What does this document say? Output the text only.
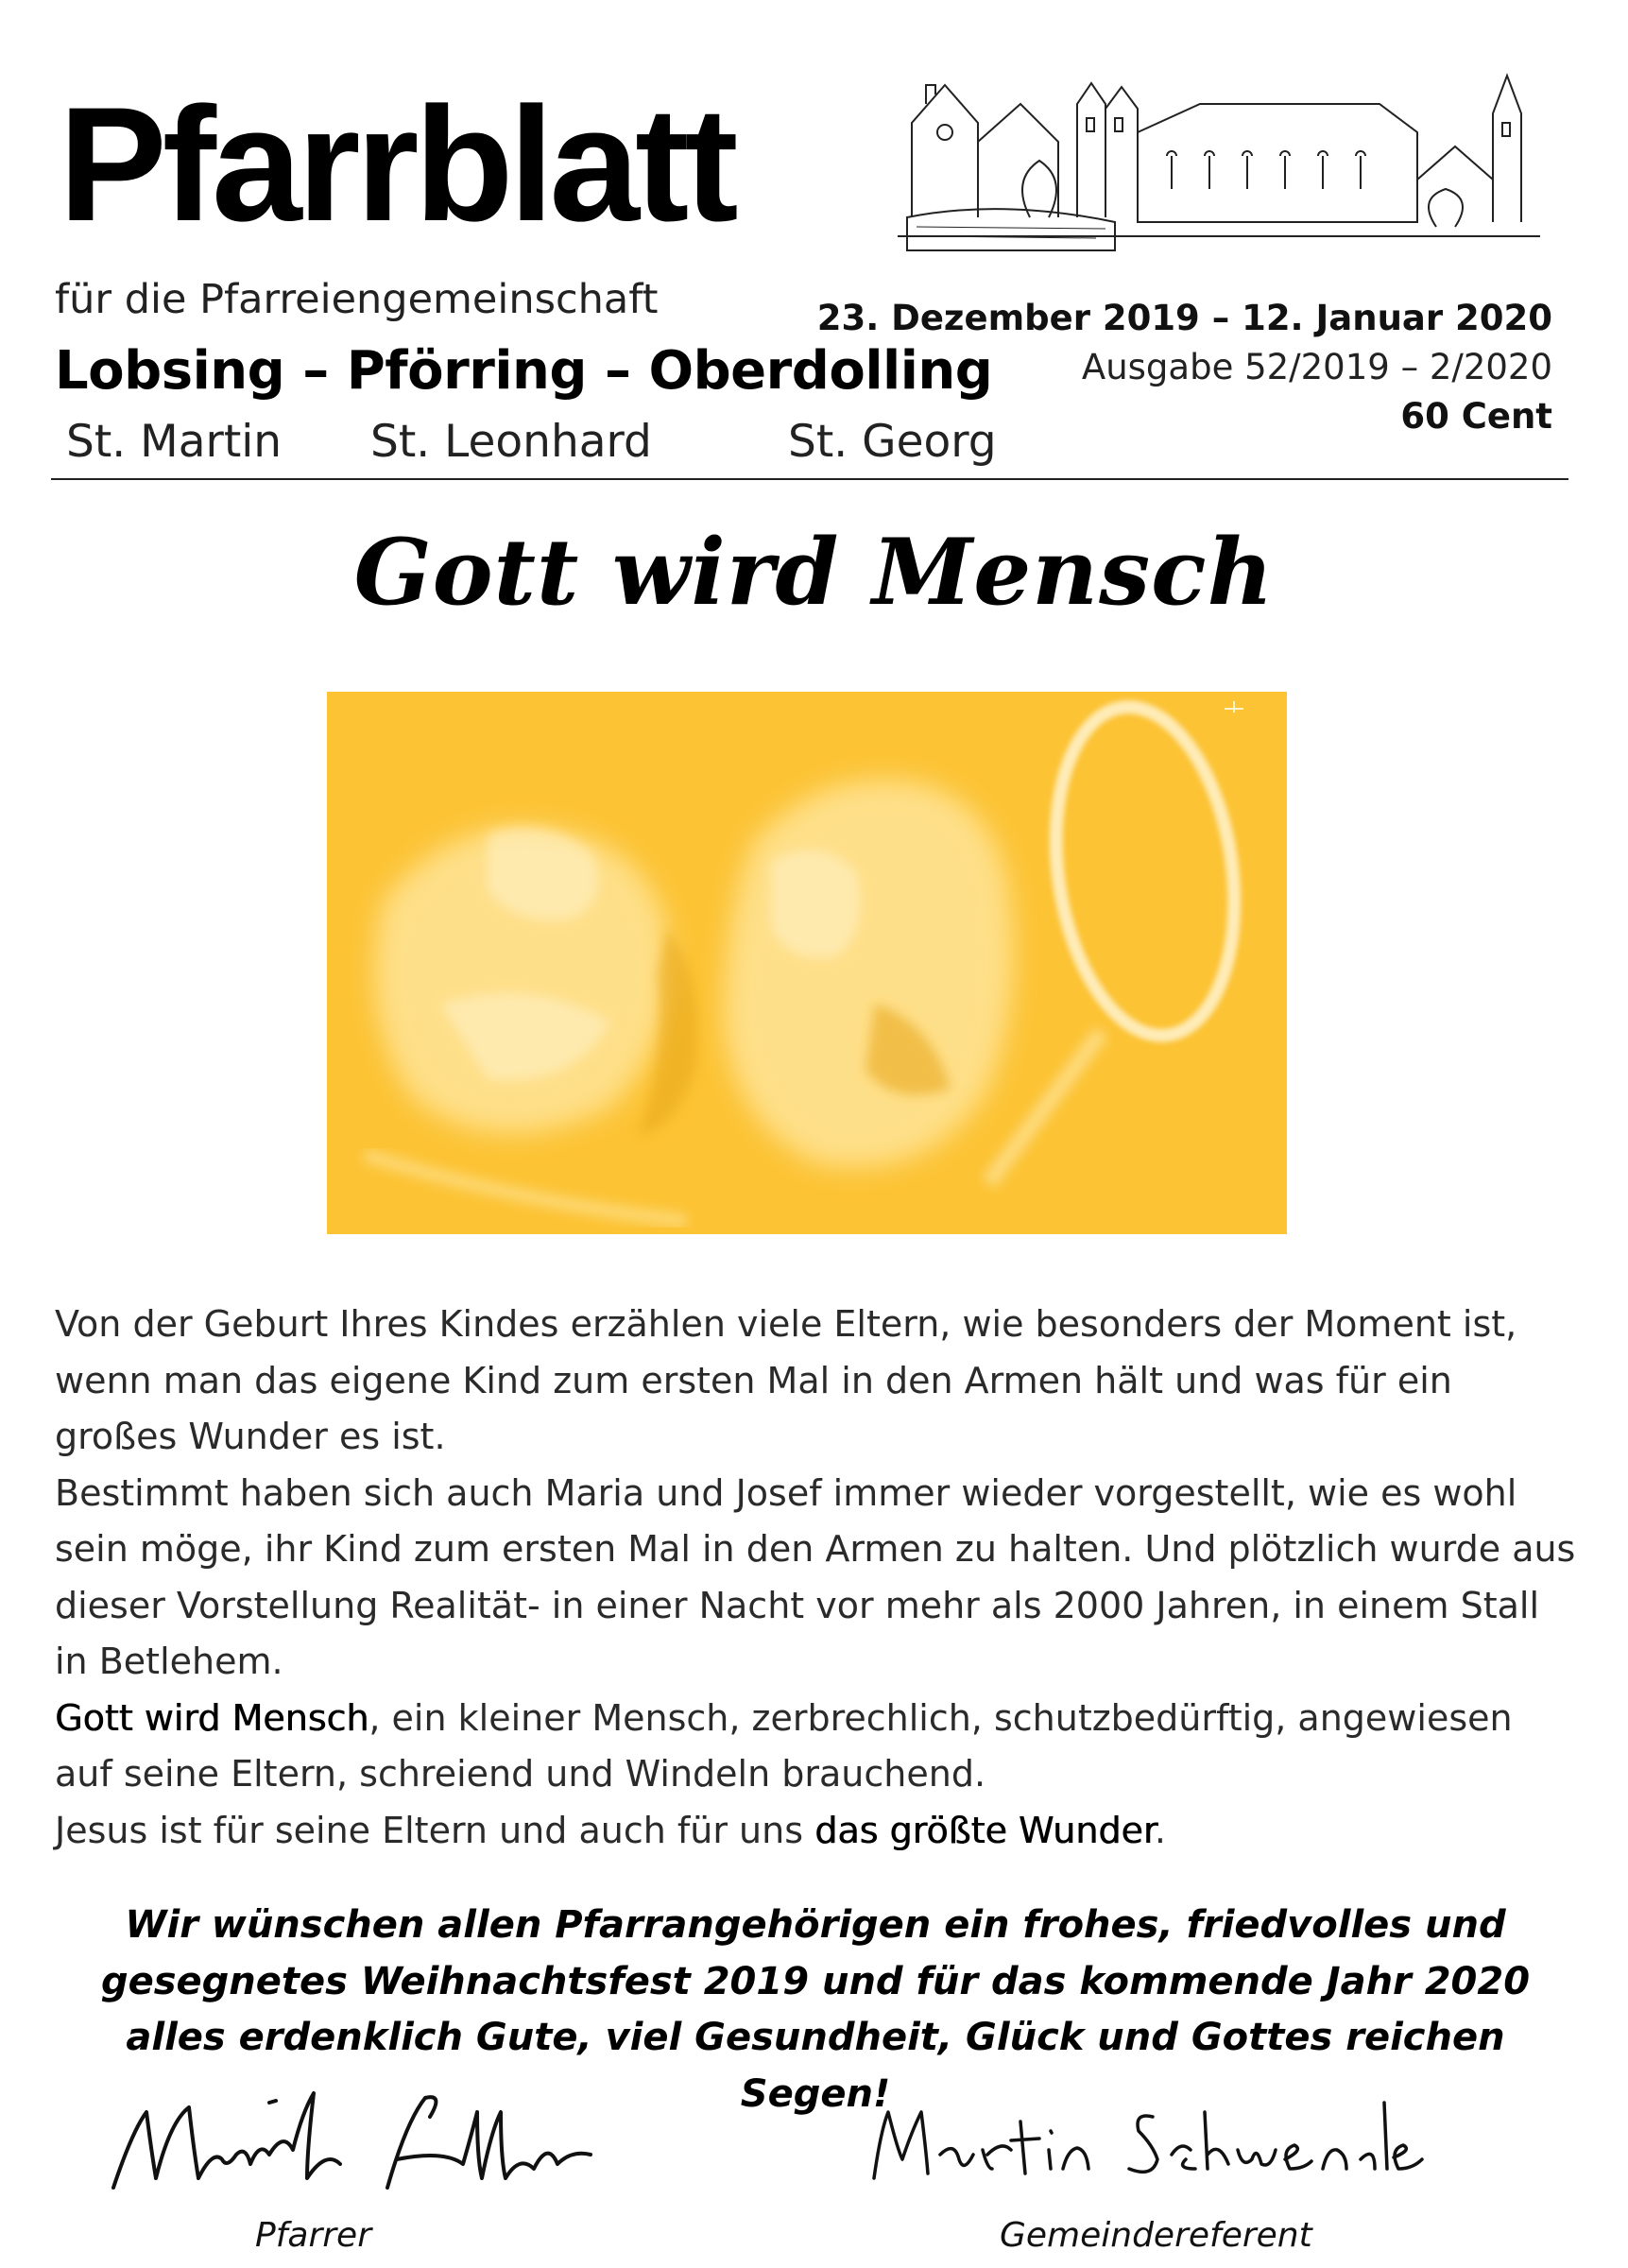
Pfarrblatt
für die Pfarreiengemeinschaft
Lobsing – Pförring – Oberdolling
St. Martin St. Leonhard	St. Georg
23. Dezember 2019 – 12. Januar 2020
Ausgabe 52/2019 – 2/2020
60 Cent
Gott wird Mensch

Von der Geburt Ihres Kindes erzählen viele Eltern, wie besonders der Moment ist, wenn man das eigene Kind zum ersten Mal in den Armen hält und was für ein großes Wunder es ist.

Bestimmt haben sich auch Maria und Josef immer wieder vorgestellt, wie es wohl sein möge, ihr Kind zum ersten Mal in den Armen zu halten. Und plötzlich wurde aus dieser Vorstellung Realität- in einer Nacht vor mehr als 2000 Jahren, in einem Stall in Betlehem.

Gott wird Mensch, ein kleiner Mensch, zerbrechlich, schutzbedürftig, angewiesen auf seine Eltern, schreiend und Windeln brauchend.

Jesus ist für seine Eltern und auch für uns das größte Wunder.

Wir wünschen allen Pfarrangehörigen ein frohes, friedvolles und gesegnetes Weihnachtsfest 2019 und für das kommende Jahr 2020 alles erdenklich Gute, viel Gesundheit, Glück und Gottes reichen Segen!
Pfarrer	Gemeindereferent
